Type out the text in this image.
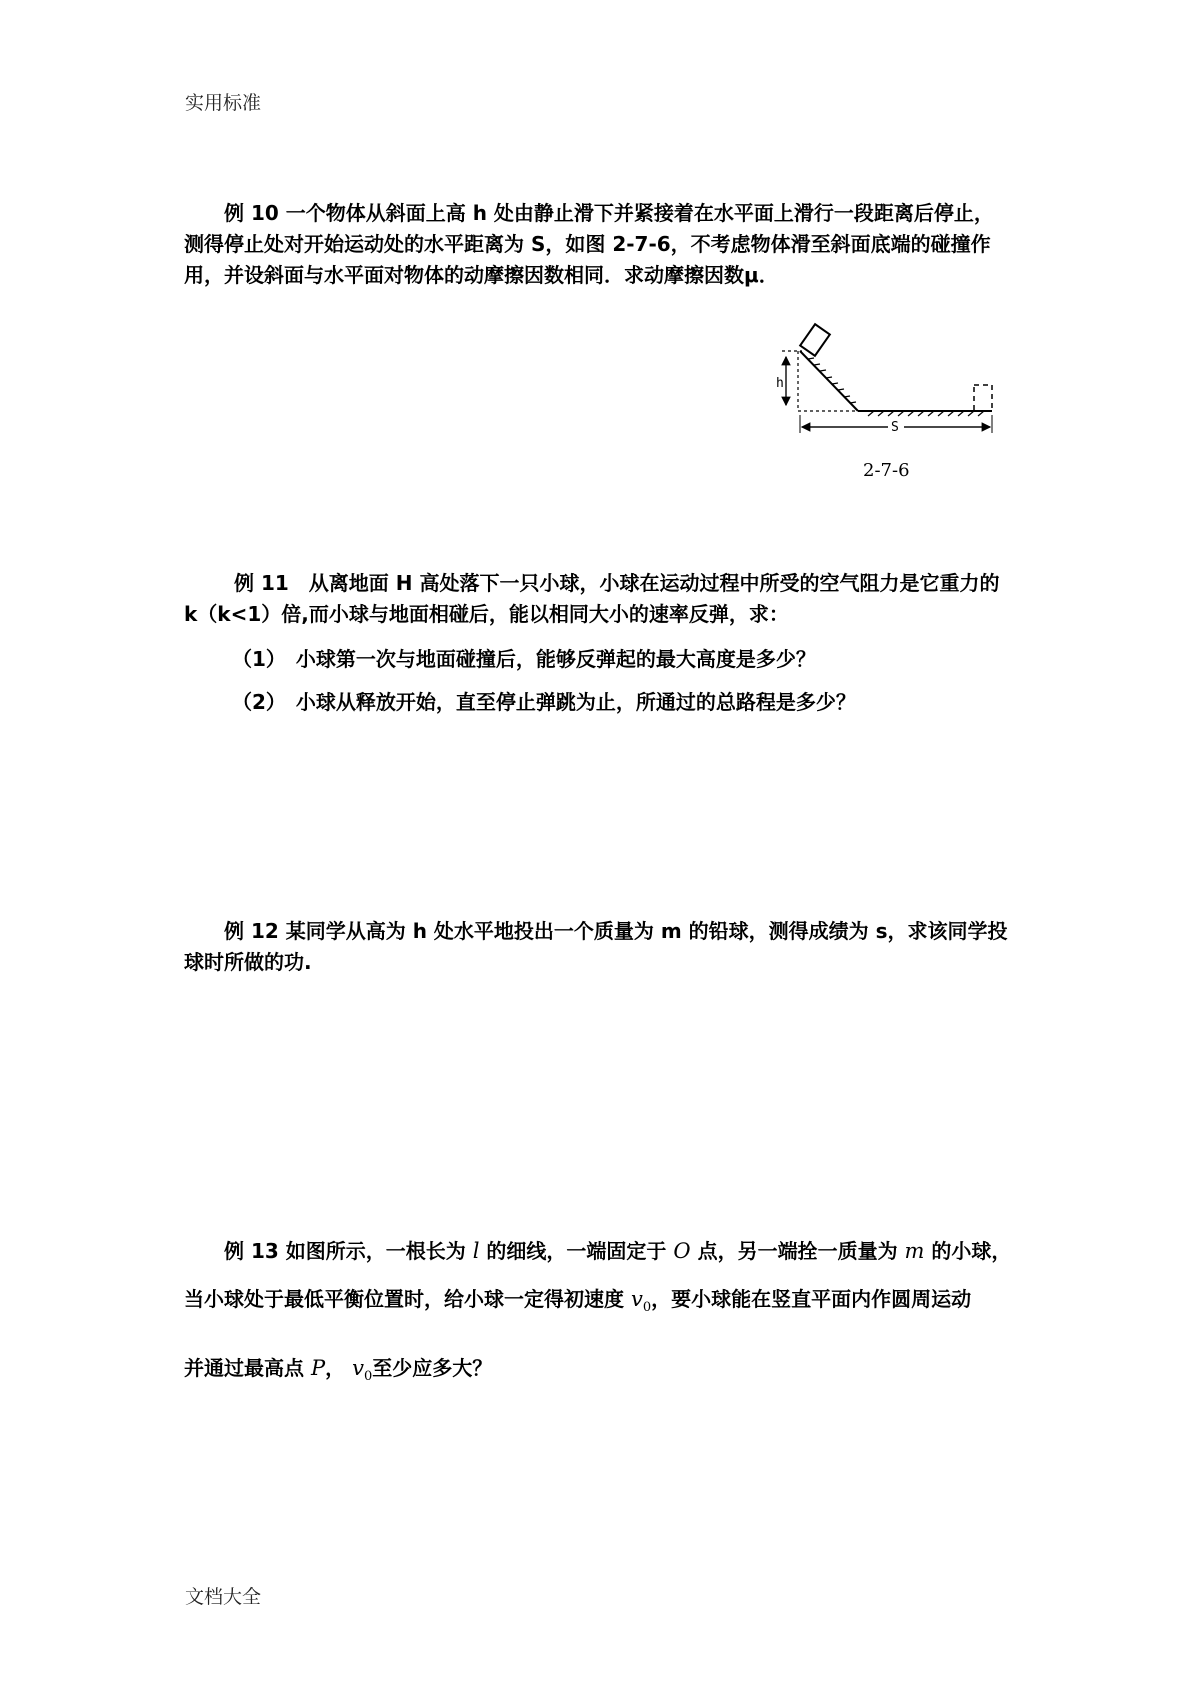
实用标准

例 10 一个物体从斜面上高 h 处由静止滑下并紧接着在水平面上滑行一段距离后停止，
测得停止处对开始运动处的水平距离为 S，如图 2-7-6，不考虑物体滑至斜面底端的碰撞作
用，并设斜面与水平面对物体的动摩擦因数相同．求动摩擦因数μ．

h
S
2-7-6

例 11　从离地面 H 高处落下一只小球，小球在运动过程中所受的空气阻力是它重力的
k（k<1）倍,而小球与地面相碰后，能以相同大小的速率反弹，求：

（1）　小球第一次与地面碰撞后，能够反弹起的最大高度是多少？
（2）　小球从释放开始，直至停止弹跳为止，所通过的总路程是多少？

例 12 某同学从高为 h 处水平地投出一个质量为 m 的铅球，测得成绩为 s，求该同学投
球时所做的功.

例 13 如图所示，一根长为 l 的细线，一端固定于 O 点，另一端拴一质量为 m 的小球，
当小球处于最低平衡位置时，给小球一定得初速度 $v_0$，要小球能在竖直平面内作圆周运动
并通过最高点 P， $v_0$至少应多大？

文档大全
